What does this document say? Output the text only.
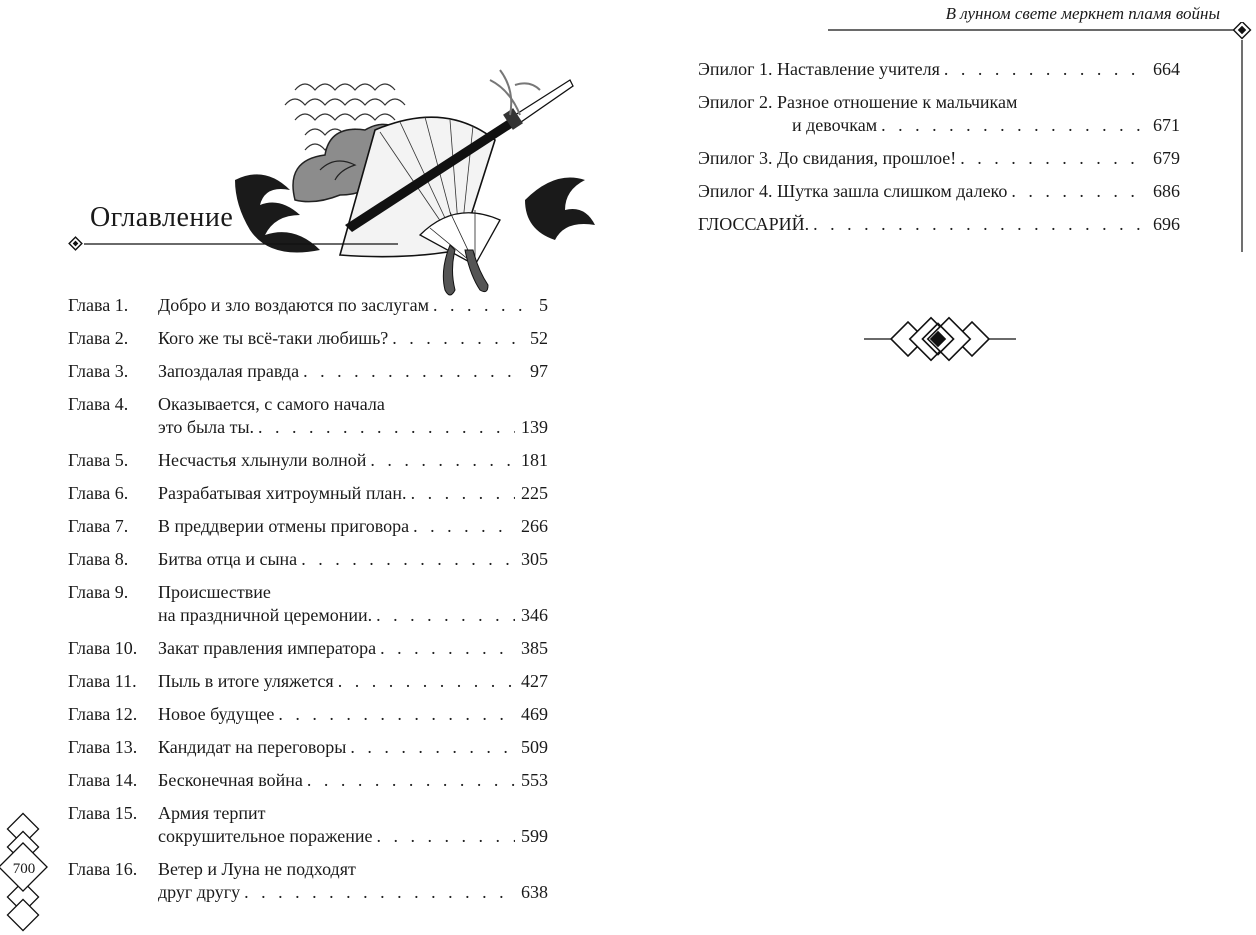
Оглавление
Глава 1. Добро и зло воздаются по заслугам . . .	5
Глава 2. Кого же ты всё-таки любишь? . . .	52
Глава 3. Запоздалая правда . . .	97
Глава 4. Оказывается, с самого начала
это была ты. . . .	139
Глава 5. Несчастья хлынули волной . . .	181
Глава 6. Разрабатывая хитроумный план. . . .	225
Глава 7. В преддверии отмены приговора . . .	266
Глава 8. Битва отца и сына . . .	305
Глава 9. Происшествие
на праздничной церемонии. . . .	346
Глава 10. Закат правления императора . . .	385
Глава 11. Пыль в итоге уляжется . . .	427
Глава 12. Новое будущее . . .	469
Глава 13. Кандидат на переговоры . . .	509
Глава 14. Бесконечная война . . .	553
Глава 15. Армия терпит
сокрушительное поражение . . .	599
Глава 16. Ветер и Луна не подходят
друг другу . . .	638
В лунном свете меркнет пламя войны
Эпилог 1. Наставление учителя . . .	664
Эпилог 2. Разное отношение к мальчикам
и девочкам . . .	671
Эпилог 3. До свидания, прошлое! . . .	679
Эпилог 4. Шутка зашла слишком далеко . . .	686
ГЛОССАРИЙ. . . .	696
700
